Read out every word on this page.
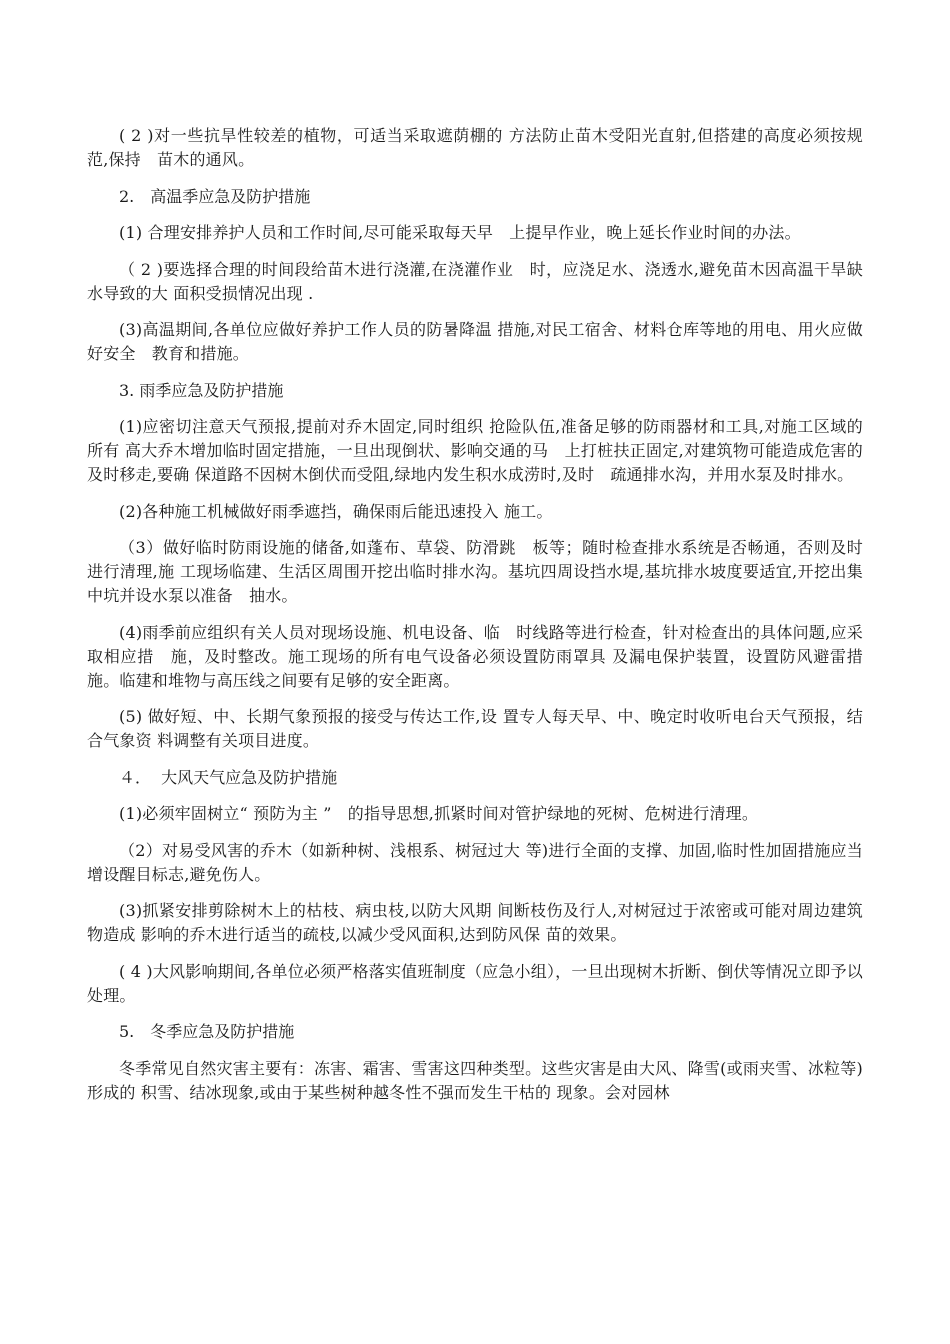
( 2 )对一些抗旱性较差的植物，可适当采取遮荫棚的 方法防止苗木受阳光直射,但搭建的高度必须按规范,保持　苗木的通风。

2.　高温季应急及防护措施

(1) 合理安排养护人员和工作时间,尽可能采取每天早　上提早作业，晚上延长作业时间的办法。

（ 2 )要选择合理的时间段给苗木进行浇灌,在浇灌作业　时，应浇足水、浇透水,避免苗木因高温干旱缺水导致的大 面积受损情况出现 .

(3)高温期间,各单位应做好养护工作人员的防暑降温 措施,对民工宿舍、材料仓库等地的用电、用火应做好安全　教育和措施。

3. 雨季应急及防护措施

(1)应密切注意天气预报,提前对乔木固定,同时组织 抢险队伍,准备足够的防雨器材和工具,对施工区域的所有 高大乔木增加临时固定措施，一旦出现倒状、影响交通的马　上打桩扶正固定,对建筑物可能造成危害的及时移走,要确 保道路不因树木倒伏而受阻,绿地内发生积水成涝时,及时　疏通排水沟，并用水泵及时排水。

(2)各种施工机械做好雨季遮挡，确保雨后能迅速投入 施工。

（3）做好临时防雨设施的储备,如蓬布、草袋、防滑跳　板等；随时检查排水系统是否畅通，否则及时进行清理,施 工现场临建、生活区周围开挖出临时排水沟。基坑四周设挡水堤,基坑排水坡度要适宜,开挖出集中坑并设水泵以准备　抽水。

(4)雨季前应组织有关人员对现场设施、机电设备、临　时线路等进行检查，针对检查出的具体问题,应采取相应措　施，及时整改。施工现场的所有电气设备必须设置防雨罩具 及漏电保护装置，设置防风避雷措施。临建和堆物与高压线之间要有足够的安全距离。

(5) 做好短、中、长期气象预报的接受与传达工作,设 置专人每天早、中、晚定时收听电台天气预报，结合气象资 料调整有关项目进度。

４．  大风天气应急及防护措施

(1)必须牢固树立“ 预防为主 ”　的指导思想,抓紧时间对管护绿地的死树、危树进行清理。

（2）对易受风害的乔木（如新种树、浅根系、树冠过大 等)进行全面的支撑、加固,临时性加固措施应当增设醒目标志,避免伤人。

(3)抓紧安排剪除树木上的枯枝、病虫枝,以防大风期 间断枝伤及行人,对树冠过于浓密或可能对周边建筑物造成 影响的乔木进行适当的疏枝,以减少受风面积,达到防风保 苗的效果。

( 4 )大风影响期间,各单位必须严格落实值班制度（应急小组），一旦出现树木折断、倒伏等情况立即予以处理。

5.　冬季应急及防护措施

冬季常见自然灾害主要有：冻害、霜害、雪害这四种类型。这些灾害是由大风、降雪(或雨夹雪、冰粒等)形成的 积雪、结冰现象,或由于某些树种越冬性不强而发生干枯的 现象。会对园林
